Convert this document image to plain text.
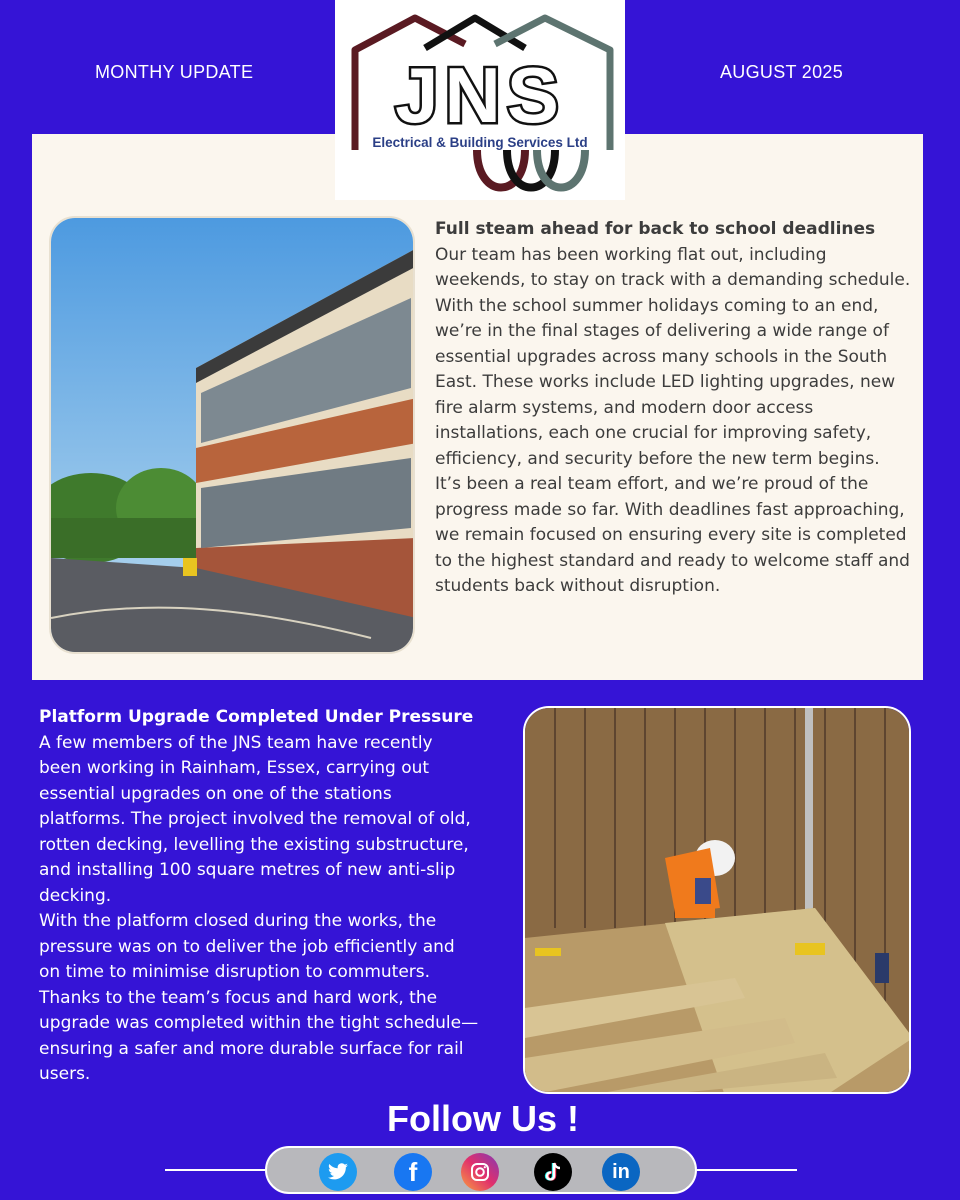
MONTHY UPDATE	AUGUST 2025
JNS
Electrical & Building Services Ltd
Full steam ahead for back to school deadlines
Our team has been working flat out, including weekends, to stay on track with a demanding schedule. With the school summer holidays coming to an end, we’re in the final stages of delivering a wide range of essential upgrades across many schools in the South East. These works include LED lighting upgrades, new fire alarm systems, and modern door access installations, each one crucial for improving safety, efficiency, and security before the new term begins.
It’s been a real team effort, and we’re proud of the progress made so far. With deadlines fast approaching, we remain focused on ensuring every site is completed to the highest standard and ready to welcome staff and students back without disruption.
Platform Upgrade Completed Under Pressure
A few members of the JNS team have recently been working in Rainham, Essex, carrying out essential upgrades on one of the stations platforms. The project involved the removal of old, rotten decking, levelling the existing substructure, and installing 100 square metres of new anti-slip decking.
With the platform closed during the works, the pressure was on to deliver the job efficiently and on time to minimise disruption to commuters. Thanks to the team’s focus and hard work, the upgrade was completed within the tight schedule—ensuring a safer and more durable surface for rail users.
Follow Us !
f	in
